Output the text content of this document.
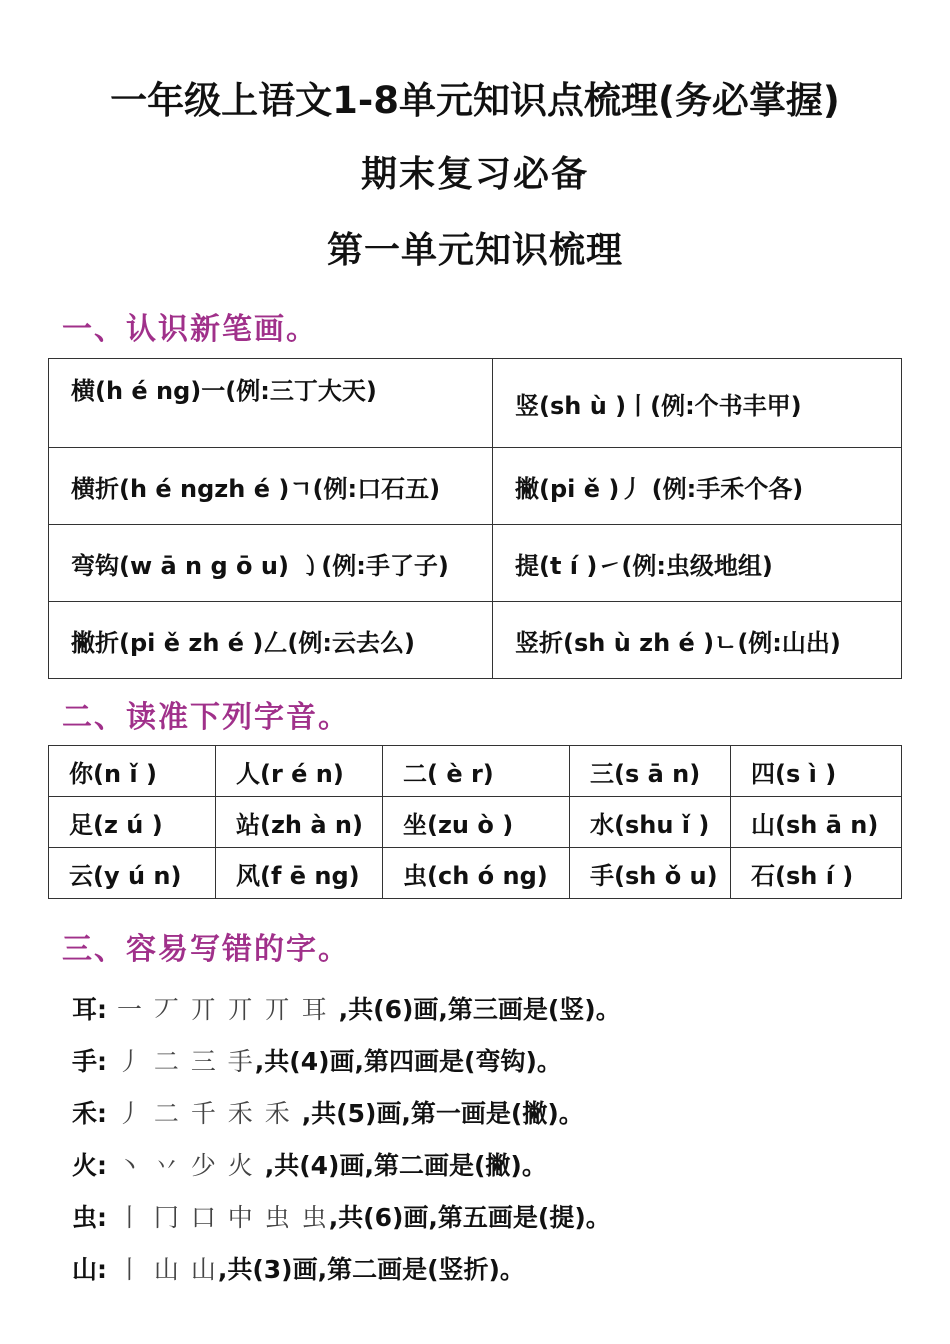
一年级上语文1-8单元知识点梳理(务必掌握)
期末复习必备
第一单元知识梳理
一、认识新笔画。
横(h é ng)一(例:三丁大天)	竖(sh ù )丨(例:个书丰甲)
横折(h é ngzh é )ㄱ(例:口石五)	撇(pi ě )丿 (例:手禾个各)
弯钩(w ā n g ō u) ㇁(例:手了子)	提(t í )㇀(例:虫级地组)
撇折(pi ě zh é )𠃋(例:云去么)	竖折(sh ù zh é )ㄴ(例:山出)
二、读准下列字音。
你(n ǐ )	人(r é n)	二( è r)	三(s ā n)	四(s ì )
足(z ú )	站(zh à n)	坐(zu ò )	水(shu ǐ )	山(sh ā n)
云(y ú n)	风(f ē ng)	虫(ch ó ng)	手(sh ǒ u)	石(sh í )
三、容易写错的字。
耳: 一 丆 丌 丌 丌 耳 ,共(6)画,第三画是(竖)。
手: 丿 二 三 手,共(4)画,第四画是(弯钩)。
禾: 丿 二 千 禾 禾 ,共(5)画,第一画是(撇)。
火: 丶 丷 少 火 ,共(4)画,第二画是(撇)。
虫: 丨 冂 口 中 虫 虫,共(6)画,第五画是(提)。
山: 丨 山 山,共(3)画,第二画是(竖折)。
